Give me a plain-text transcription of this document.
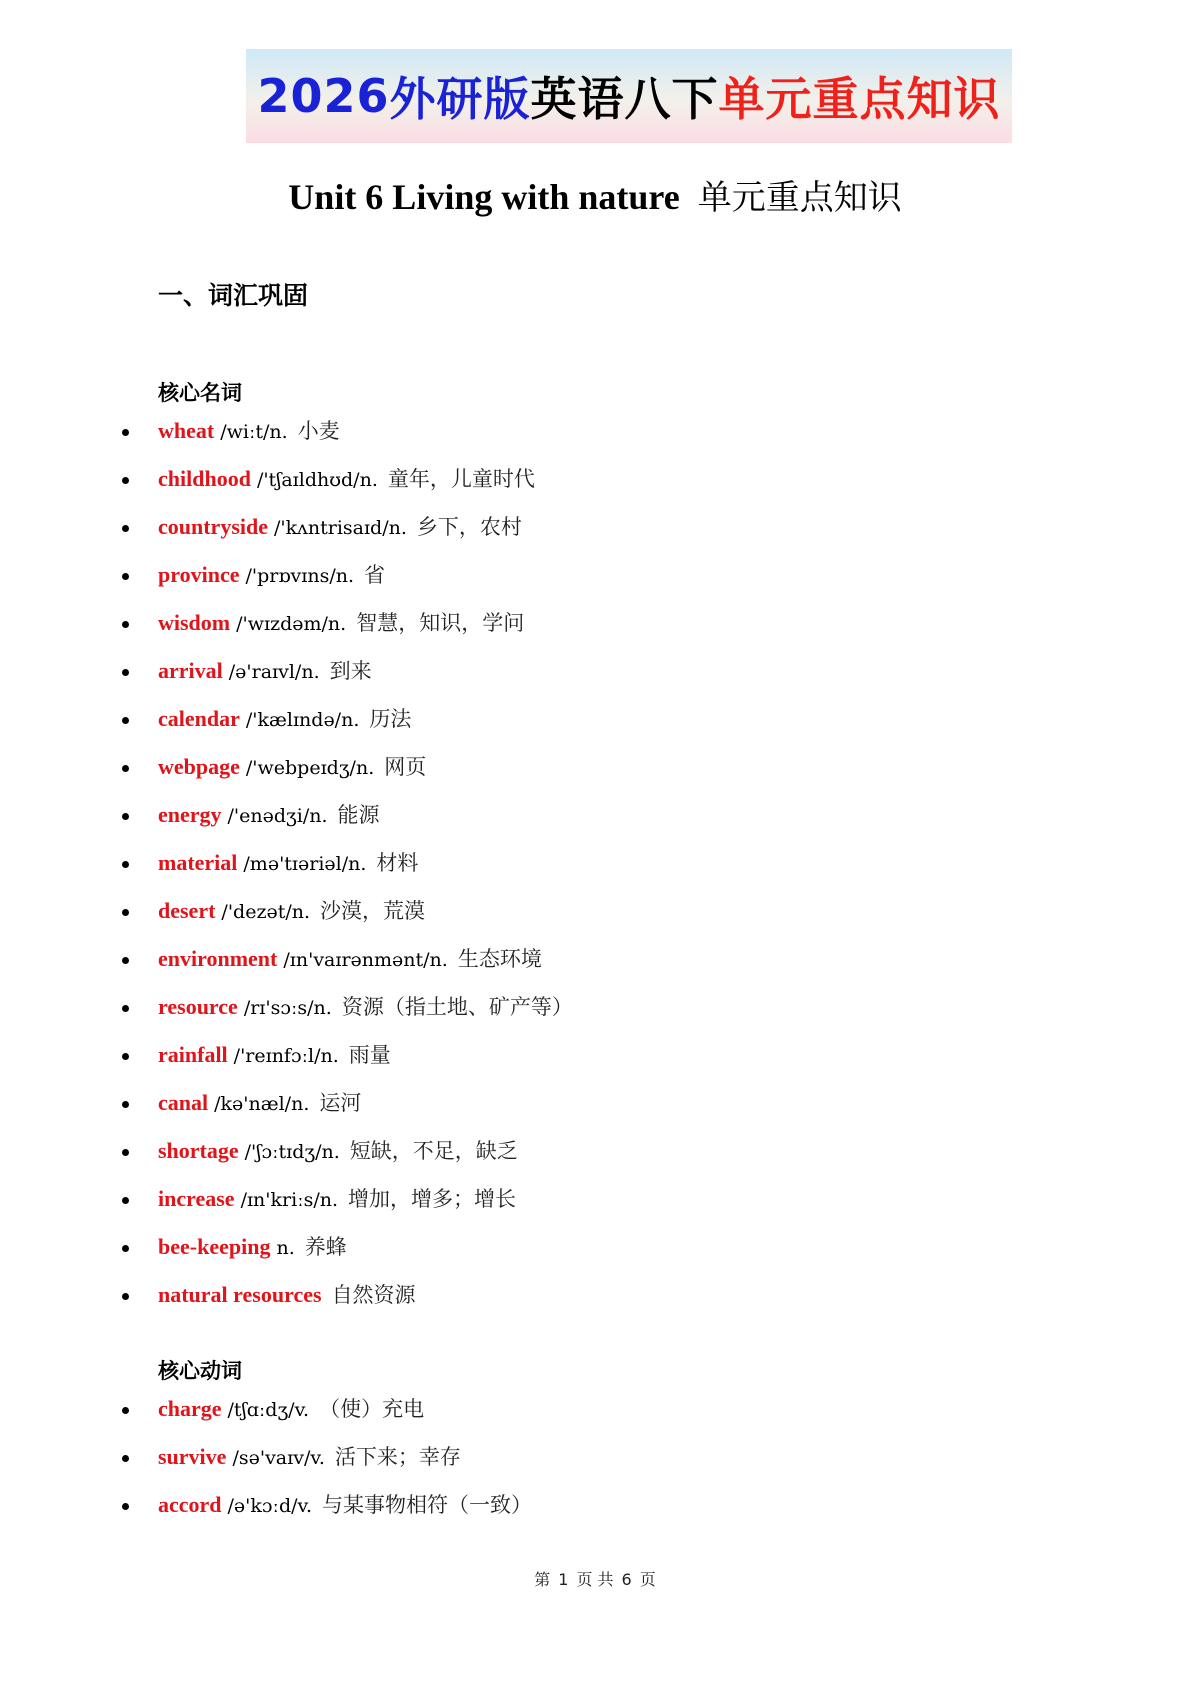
2026 外研版 英语八下 单元重点知识
Unit 6 Living with nature 单元重点知识
一、词汇巩固
核心名词
wheat /wiːt/n. 小麦
childhood /'tʃaɪldhʊd/n. 童年，儿童时代
countryside /'kʌntrisaɪd/n. 乡下，农村
province /'prɒvɪns/n. 省
wisdom /'wɪzdəm/n. 智慧，知识，学问
arrival /ə'raɪvl/n. 到来
calendar /'kælɪndə/n. 历法
webpage /'webpeɪdʒ/n. 网页
energy /'enədʒi/n. 能源
material /mə'tɪəriəl/n. 材料
desert /'dezət/n. 沙漠，荒漠
environment /ɪn'vaɪrənmənt/n. 生态环境
resource /rɪ'sɔːs/n. 资源（指土地、矿产等）
rainfall /'reɪnfɔːl/n. 雨量
canal /kə'næl/n. 运河
shortage /'ʃɔːtɪdʒ/n. 短缺，不足，缺乏
increase /ɪn'kriːs/n. 增加，增多；增长
bee-keeping n. 养蜂
natural resources 自然资源
核心动词
charge /tʃɑːdʒ/v. （使）充电
survive /sə'vaɪv/v. 活下来；幸存
accord /ə'kɔːd/v. 与某事物相符（一致）
第 1 页 共 6 页
